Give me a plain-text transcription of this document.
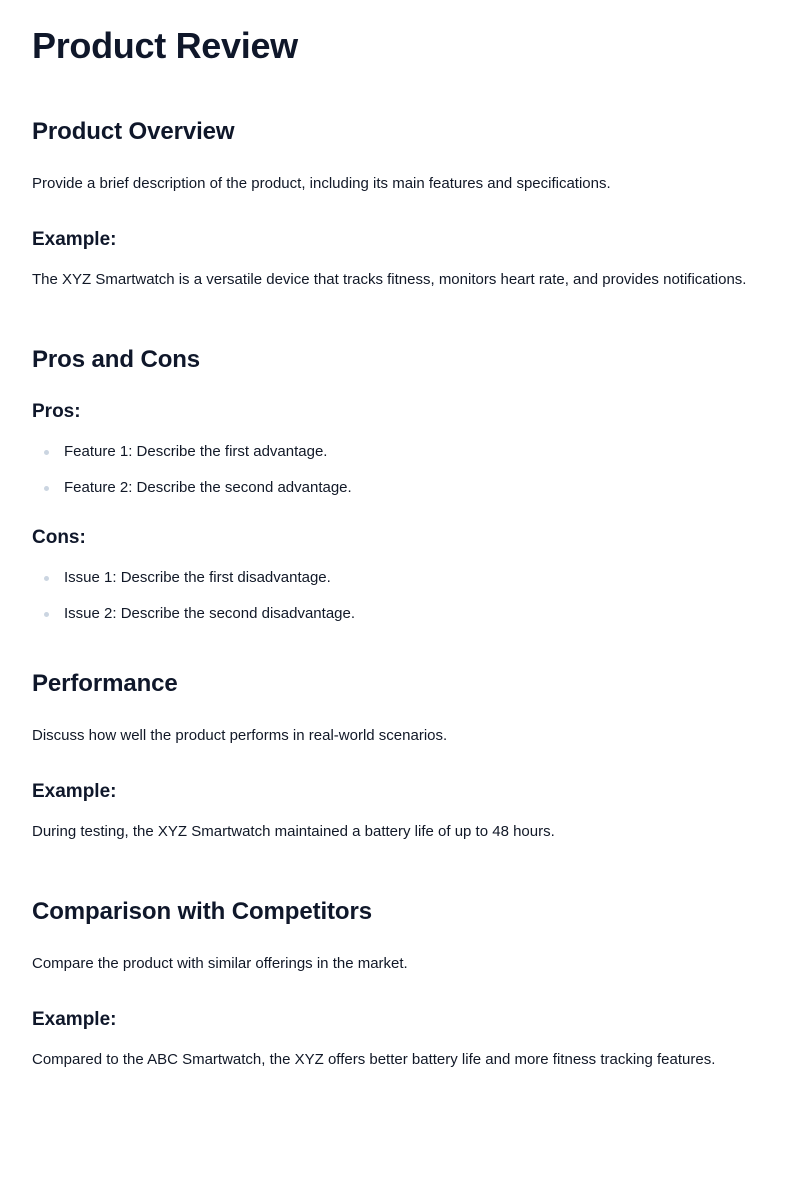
Product Review
Product Overview

Provide a brief description of the product, including its main features and specifications.

Example:

The XYZ Smartwatch is a versatile device that tracks fitness, monitors heart rate, and provides notifications.

Pros and Cons
Pros:
Feature 1: Describe the first advantage.
Feature 2: Describe the second advantage.
Cons:
Issue 1: Describe the first disadvantage.
Issue 2: Describe the second disadvantage.
Performance

Discuss how well the product performs in real-world scenarios.

Example:

During testing, the XYZ Smartwatch maintained a battery life of up to 48 hours.

Comparison with Competitors

Compare the product with similar offerings in the market.

Example:

Compared to the ABC Smartwatch, the XYZ offers better battery life and more fitness tracking features.
